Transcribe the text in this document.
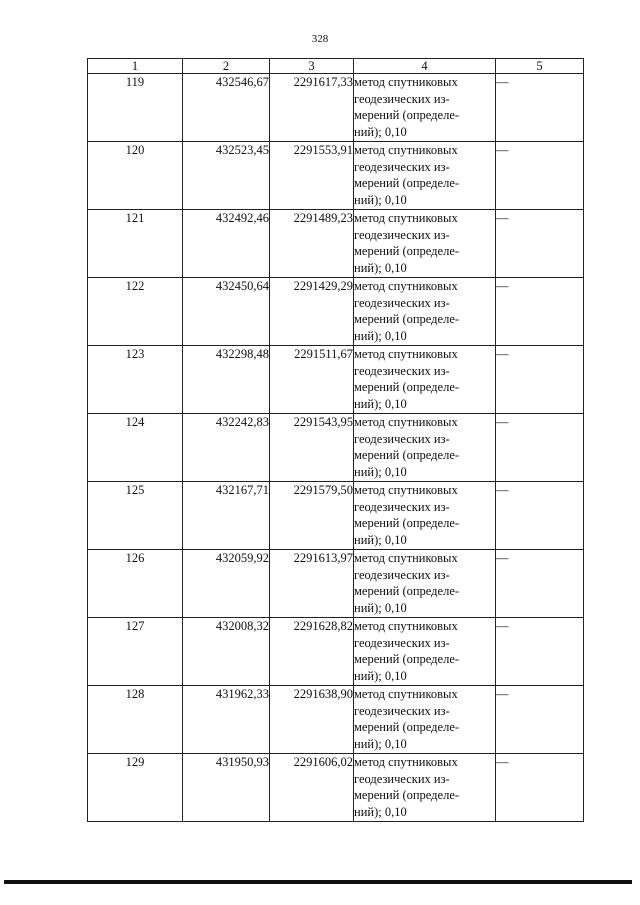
328
1	2	3	4	5
119	432546,67	2291617,33	метод спутниковых
геодезических из-
мерений (определе-
ний); 0,10	—
120	432523,45	2291553,91	метод спутниковых
геодезических из-
мерений (определе-
ний); 0,10	—
121	432492,46	2291489,23	метод спутниковых
геодезических из-
мерений (определе-
ний); 0,10	—
122	432450,64	2291429,29	метод спутниковых
геодезических из-
мерений (определе-
ний); 0,10	—
123	432298,48	2291511,67	метод спутниковых
геодезических из-
мерений (определе-
ний); 0,10	—
124	432242,83	2291543,95	метод спутниковых
геодезических из-
мерений (определе-
ний); 0,10	—
125	432167,71	2291579,50	метод спутниковых
геодезических из-
мерений (определе-
ний); 0,10	—
126	432059,92	2291613,97	метод спутниковых
геодезических из-
мерений (определе-
ний); 0,10	—
127	432008,32	2291628,82	метод спутниковых
геодезических из-
мерений (определе-
ний); 0,10	—
128	431962,33	2291638,90	метод спутниковых
геодезических из-
мерений (определе-
ний); 0,10	—
129	431950,93	2291606,02	метод спутниковых
геодезических из-
мерений (определе-
ний); 0,10	—
